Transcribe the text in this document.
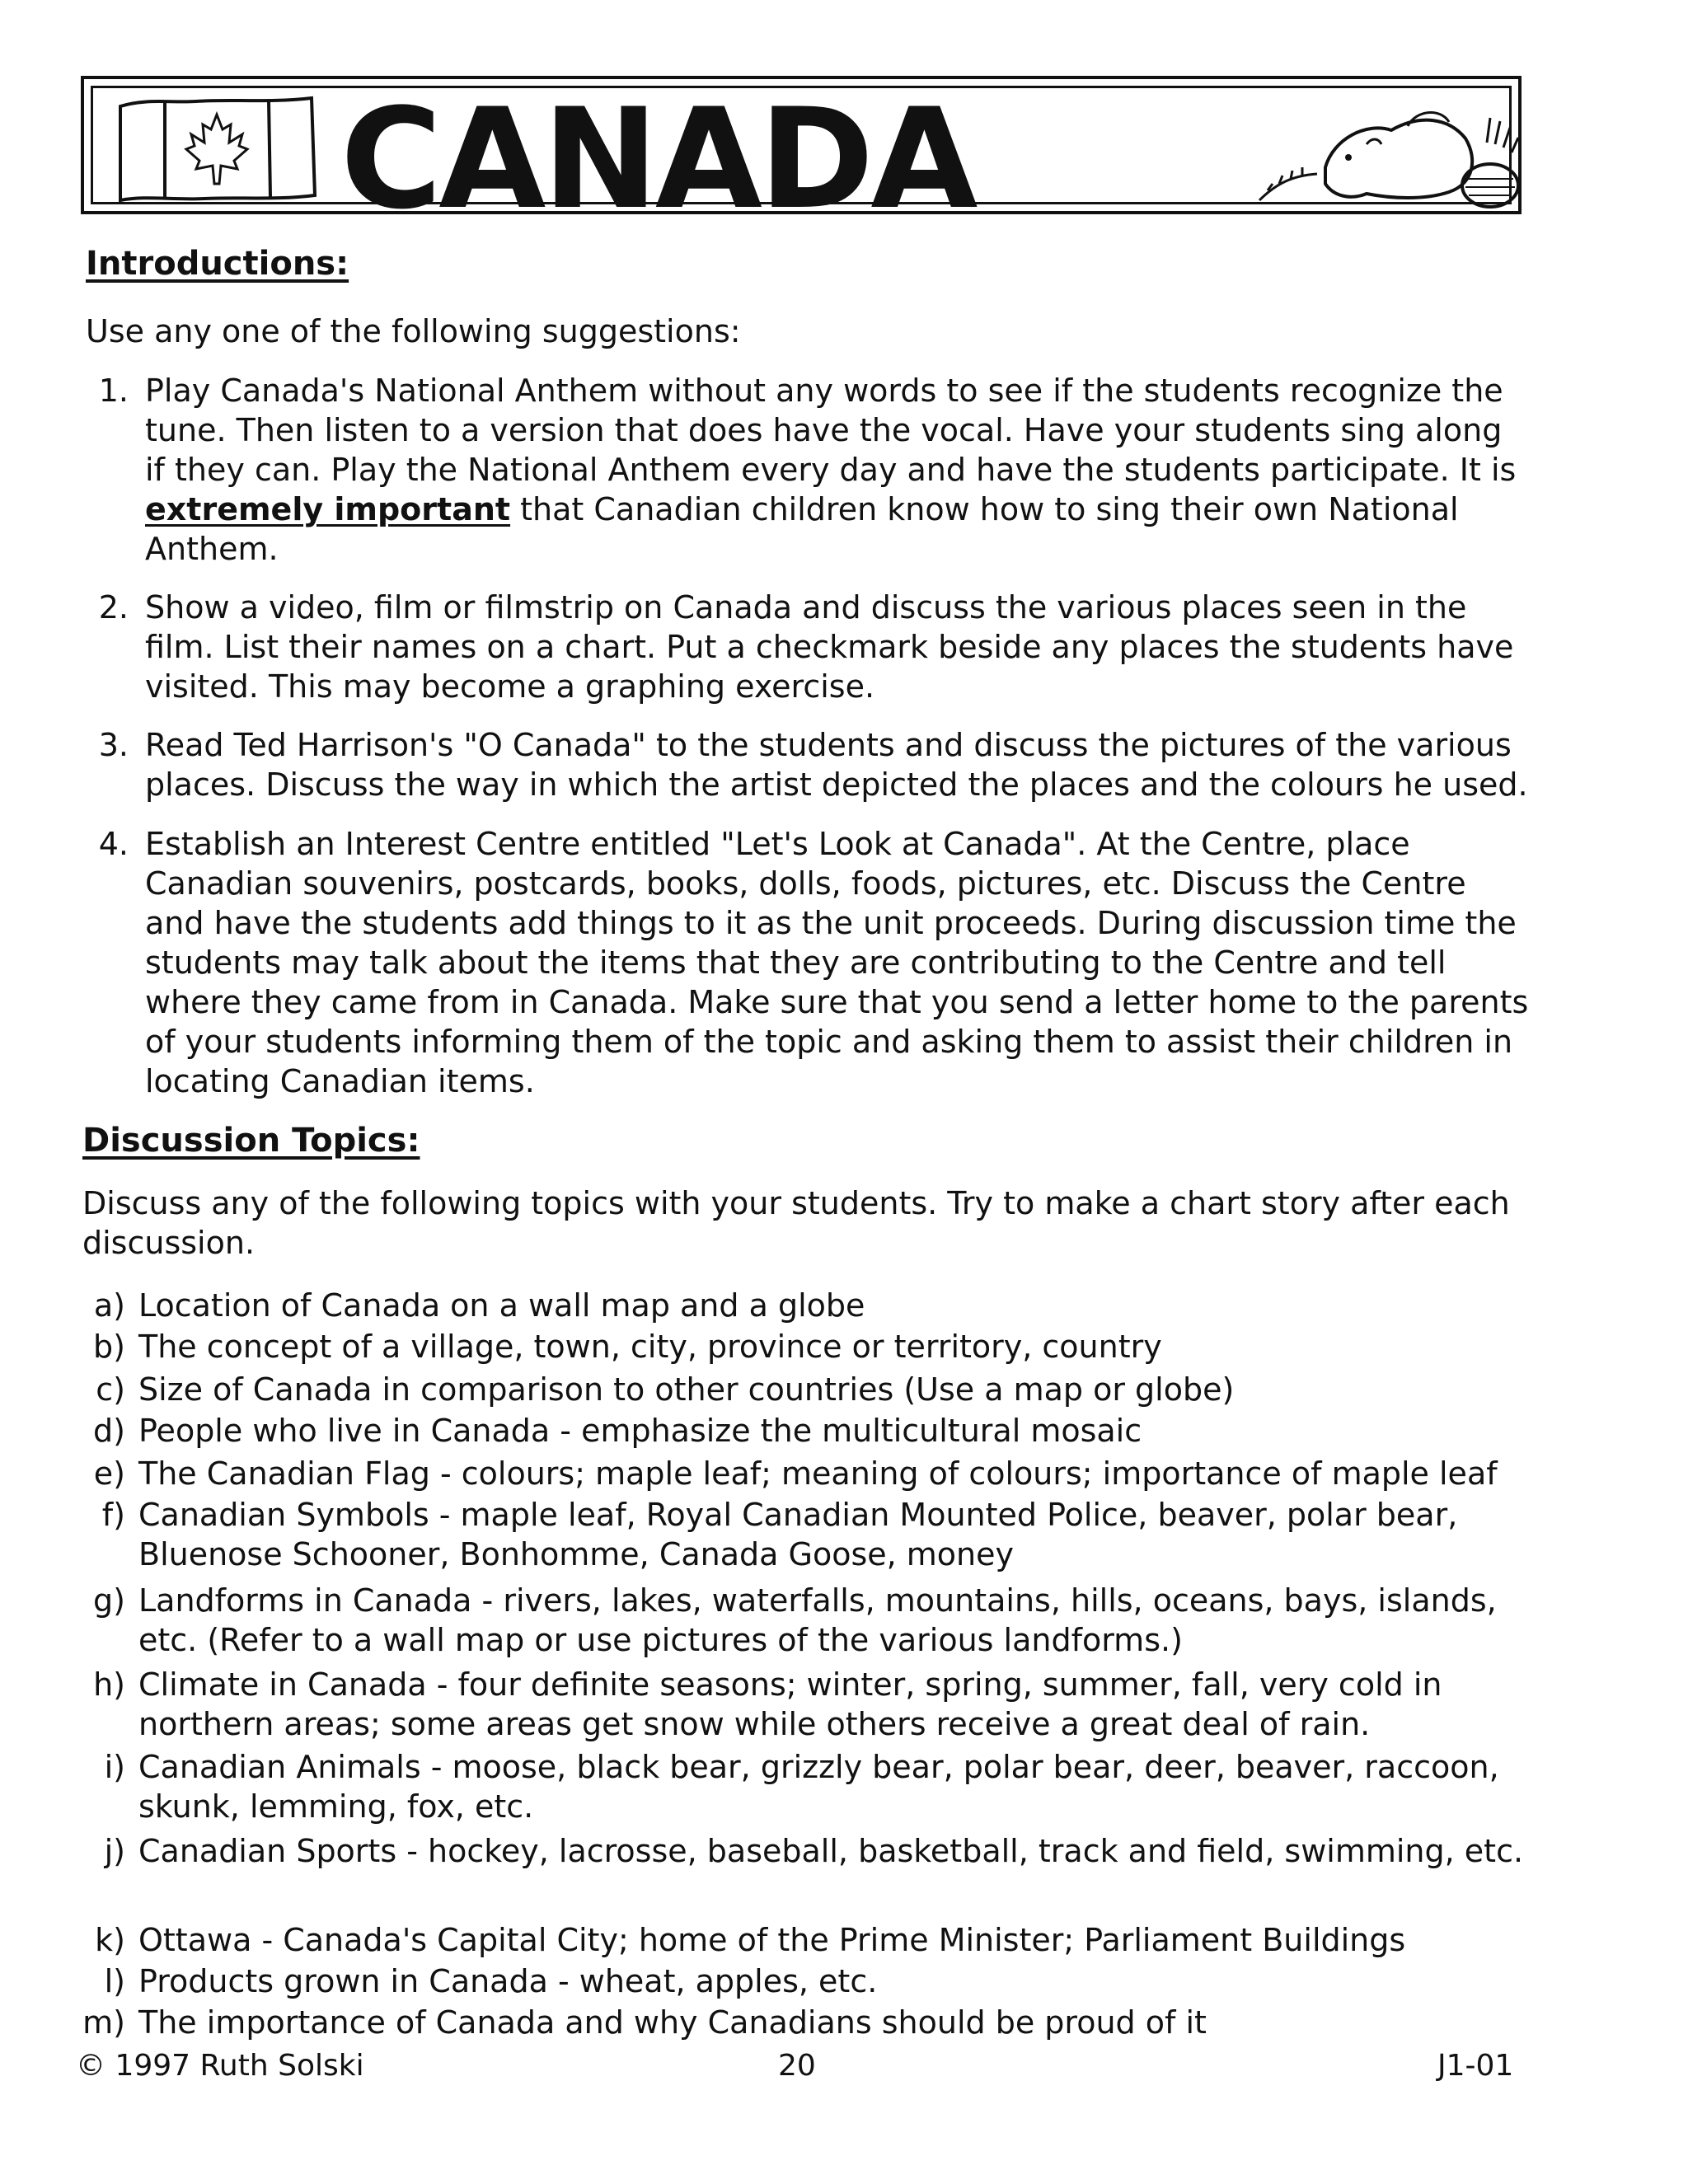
CANADA
Introductions:

Use any one of the following suggestions:

1. Play Canada's National Anthem without any words to see if the students recognize the tune. Then listen to a version that does have the vocal. Have your students sing along if they can. Play the National Anthem every day and have the students participate. It is extremely important that Canadian children know how to sing their own National Anthem.
2. Show a video, film or filmstrip on Canada and discuss the various places seen in the film. List their names on a chart. Put a checkmark beside any places the students have visited. This may become a graphing exercise.
3. Read Ted Harrison's "O Canada" to the students and discuss the pictures of the various places. Discuss the way in which the artist depicted the places and the colours he used.
4. Establish an Interest Centre entitled "Let's Look at Canada". At the Centre, place Canadian souvenirs, postcards, books, dolls, foods, pictures, etc. Discuss the Centre and have the students add things to it as the unit proceeds. During discussion time the students may talk about the items that they are contributing to the Centre and tell where they came from in Canada. Make sure that you send a letter home to the parents of your students informing them of the topic and asking them to assist their children in locating Canadian items.
Discussion Topics:

Discuss any of the following topics with your students. Try to make a chart story after each discussion.

a) Location of Canada on a wall map and a globe
b) The concept of a village, town, city, province or territory, country
c) Size of Canada in comparison to other countries (Use a map or globe)
d) People who live in Canada - emphasize the multicultural mosaic
e) The Canadian Flag - colours; maple leaf; meaning of colours; importance of maple leaf
f) Canadian Symbols - maple leaf, Royal Canadian Mounted Police, beaver, polar bear, Bluenose Schooner, Bonhomme, Canada Goose, money
g) Landforms in Canada - rivers, lakes, waterfalls, mountains, hills, oceans, bays, islands, etc. (Refer to a wall map or use pictures of the various landforms.)
h) Climate in Canada - four definite seasons; winter, spring, summer, fall, very cold in northern areas; some areas get snow while others receive a great deal of rain.
i) Canadian Animals - moose, black bear, grizzly bear, polar bear, deer, beaver, raccoon, skunk, lemming, fox, etc.
j) Canadian Sports - hockey, lacrosse, baseball, basketball, track and field, swimming, etc.
k) Ottawa - Canada's Capital City; home of the Prime Minister; Parliament Buildings
l) Products grown in Canada - wheat, apples, etc.
m) The importance of Canada and why Canadians should be proud of it
© 1997 Ruth Solski	20	J1-01
